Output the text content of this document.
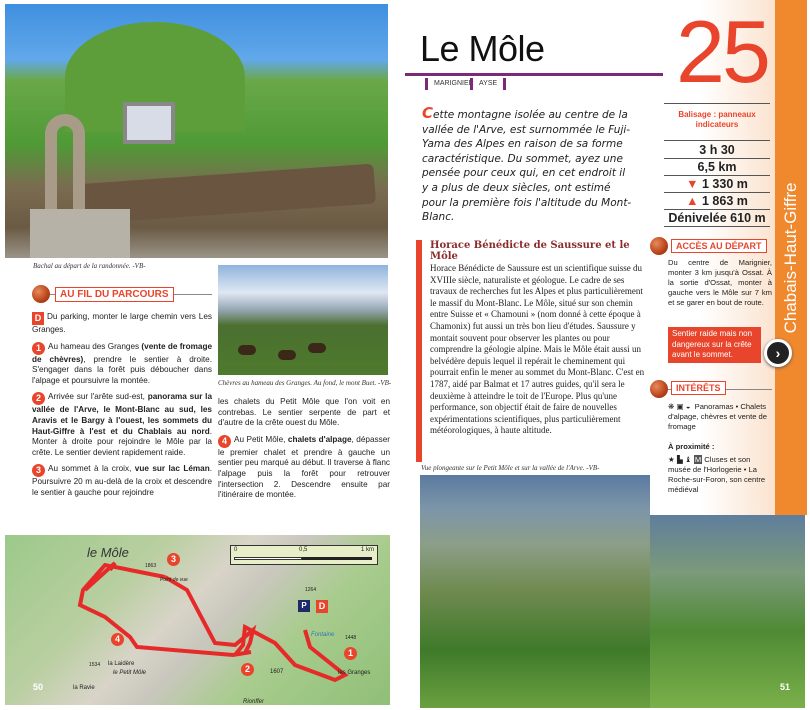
Bachal au départ de la randonnée. -VB-
AU FIL DU PARCOURS

D Du parking, monter le large chemin vers Les Granges.

1 Au hameau des Granges (vente de fromage de chèvres), prendre le sentier à droite. S'engager dans la forêt puis déboucher dans l'alpage et poursuivre la montée.

2 Arrivée sur l'arête sud-est, panorama sur la vallée de l'Arve, le Mont-Blanc au sud, les Aravis et le Bargy à l'ouest, les sommets du Haut-Giffre à l'est et du Chablais au nord. Monter à droite pour rejoindre le Môle par la crête. Le sentier devient rapidement raide.

3 Au sommet à la croix, vue sur lac Léman. Poursuivre 20 m au-delà de la croix et descendre le sentier à gauche pour rejoindre

Chèvres au hameau des Granges. Au fond, le mont Buet. -VB-

les chalets du Petit Môle que l'on voit en contrebas. Le sentier serpente de part et d'autre de la crête ouest du Môle.

4 Au Petit Môle, chalets d'alpage, dépasser le premier chalet et prendre à gauche un sentier peu marqué au début. Il traverse à flanc l'alpage puis la forêt pour retrouver l'intersection 2. Descendre ensuite par l'itinéraire de montée.

0	0,5	1 km
le Môle
Point de vue
les Granges
la Laidère
le Petit Môle
la Ravie
Fontaine
Rionffer
1863
1264
1448
1607
1534
D
P
1
2
3
4
50
Chabais-Haut-Giffre
Le Môle
MARIGNIER AYSE 25
Cette montagne isolée au centre de la vallée de l'Arve, est surnommée le Fuji-Yama des Alpes en raison de sa forme caractéristique. Du sommet, ayez une pensée pour ceux qui, en cet endroit il y a plus de deux siècles, ont estimé pour la première fois l'altitude du Mont-Blanc.
Horace Bénédicte de Saussure et le Môle
Horace Bénédicte de Saussure est un scientifique suisse du XVIIIe siècle, naturaliste et géologue. Le cadre de ses travaux de recherches fut les Alpes et plus particulièrement le massif du Mont-Blanc. Le Môle, situé sur son chemin entre Suisse et « Chamouni » (nom donné à cette époque à Chamonix) fut aussi un très bon lieu d'études. Saussure y montait souvent pour observer les plantes ou pour comprendre la géologie alpine. Mais le Môle était aussi un belvédère depuis lequel il repérait le cheminement qui pourrait enfin le mener au sommet du Mont-Blanc. C'est en 1787, aidé par Balmat et 17 autres guides, qu'il sera le deuxième à atteindre le toit de l'Europe. Plus qu'une performance, son objectif était de faire de nouvelles expérimentations scientifiques, plus particulièrement météorologiques, à haute altitude.
Vue plongeante sur le Petit Môle et sur la vallée de l'Arve. -VB-
Balisage : panneaux indicateurs
3 h 30
6,5 km
▼ 1 330 m
▲ 1 863 m
Dénivelée 610 m
ACCÈS AU DÉPART
Du centre de Marignier, monter 3 km jusqu'à Ossat. À la sortie d'Ossat, monter à gauche vers le Môle sur 7 km et se garer en bout de route.
Sentier raide mais non dangereux sur la crête avant le sommet.	›
INTÉRÊTS
❋ ▣ ◒ Panoramas • Chalets d'alpage, chèvres et vente de fromage
À proximité :
★ ▙ ♝ M Cluses et son musée de l'Horlogerie • La Roche-sur-Foron, son centre médiéval
51
